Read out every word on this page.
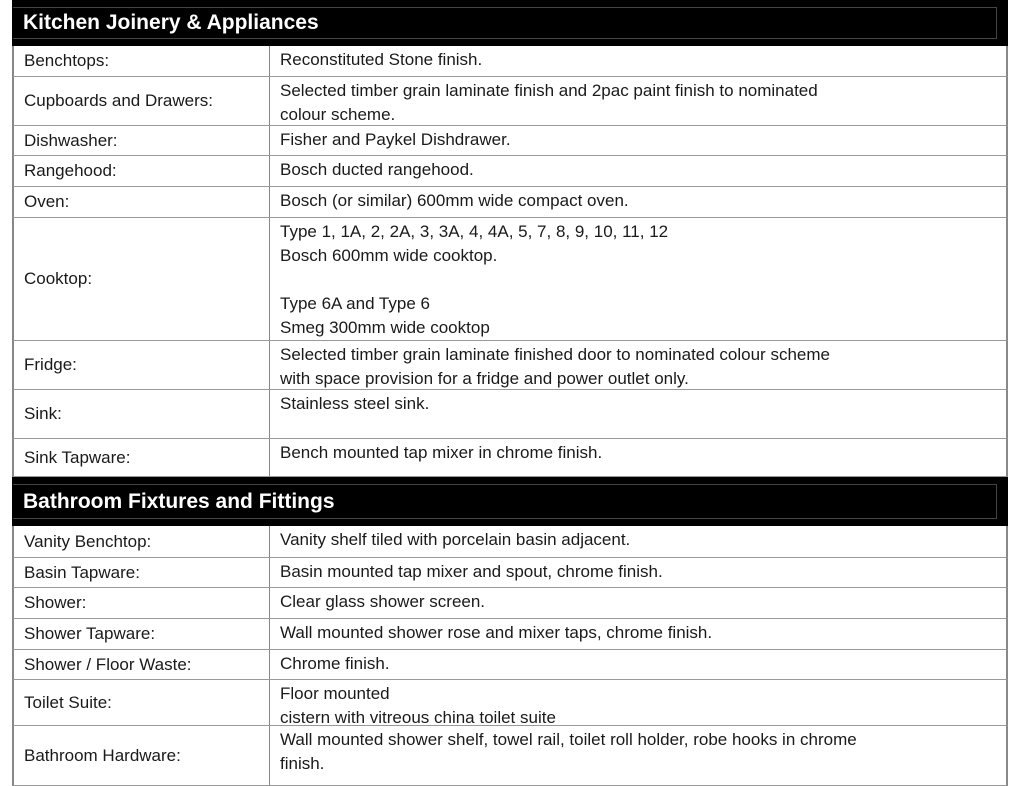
Kitchen Joinery & Appliances
Benchtops:	Reconstituted Stone finish.
Cupboards and Drawers:
Selected timber grain laminate finish and 2pac paint finish to nominated
colour scheme.
Dishwasher:	Fisher and Paykel Dishdrawer.
Rangehood:	Bosch ducted rangehood.
Oven:	Bosch (or similar) 600mm wide compact oven.
Cooktop:
Type 1, 1A, 2, 2A, 3, 3A, 4, 4A, 5, 7, 8, 9, 10, 11, 12
Bosch 600mm wide cooktop.

Type 6A and Type 6
Smeg 300mm wide cooktop
Fridge:
Selected timber grain laminate finished door to nominated colour scheme
with space provision for a fridge and power outlet only.
Sink:
Stainless steel sink.
Sink Tapware:	Bench mounted tap mixer in chrome finish.
Bathroom Fixtures and Fittings
Vanity Benchtop:	Vanity shelf tiled with porcelain basin adjacent.
Basin Tapware:	Basin mounted tap mixer and spout, chrome finish.
Shower:	Clear glass shower screen.
Shower Tapware:	Wall mounted shower rose and mixer taps, chrome finish.
Shower / Floor Waste:	Chrome finish.
Toilet Suite:	Floor mounted
cistern with vitreous china toilet suite
Bathroom Hardware:
Wall mounted shower shelf, towel rail, toilet roll holder, robe hooks in chrome
finish.
